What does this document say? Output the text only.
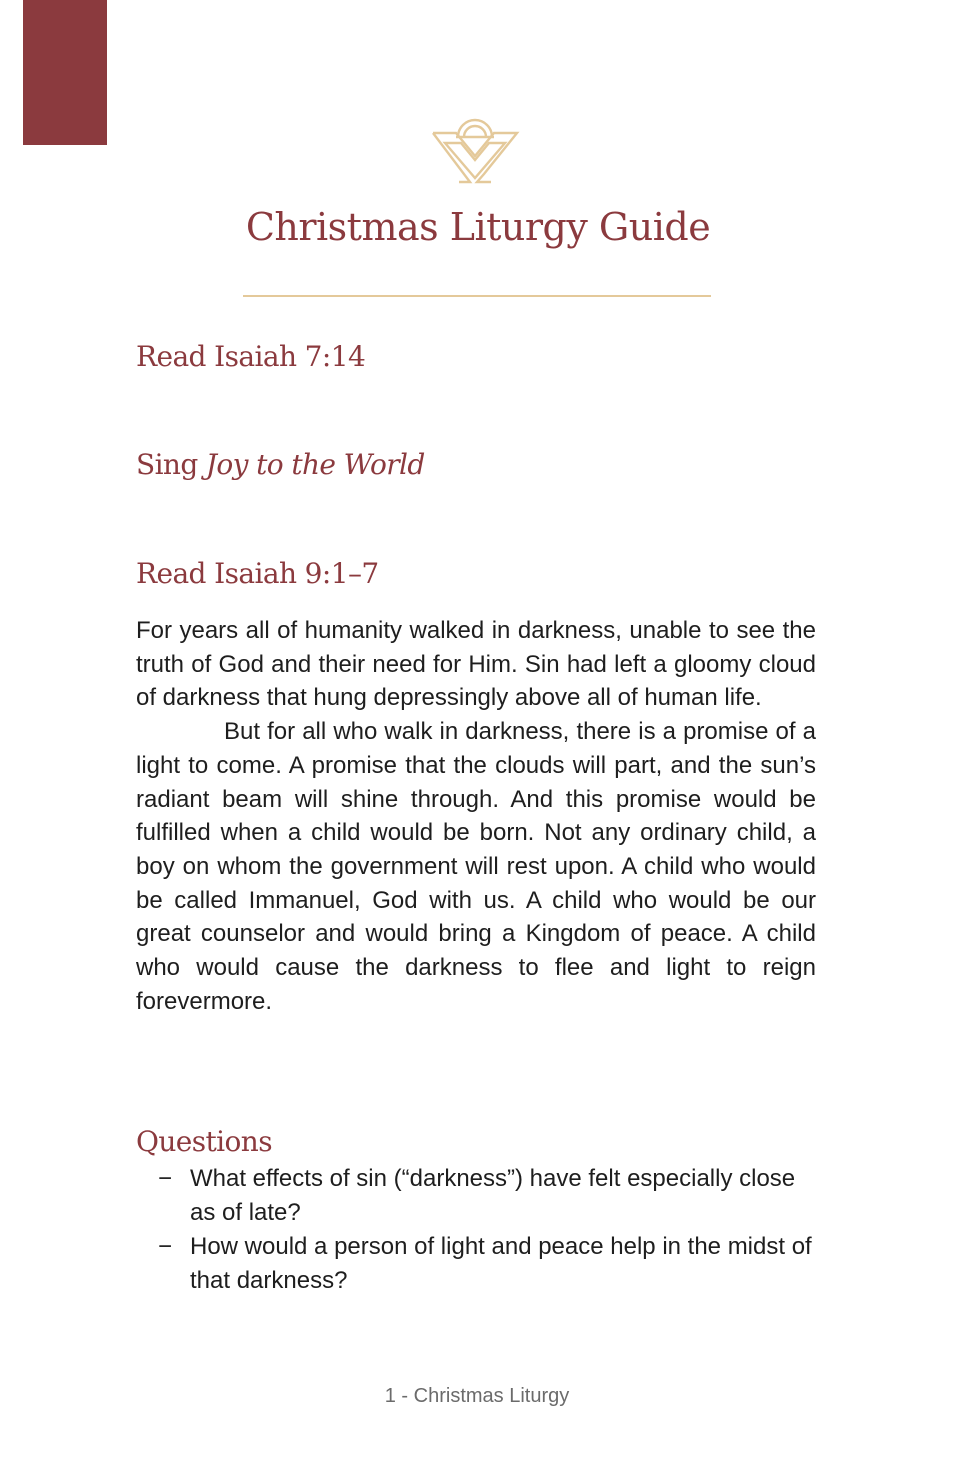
Christmas Liturgy Guide
Read Isaiah 7:14
Sing Joy to the World
Read Isaiah 9:1–7

For years all of humanity walked in darkness, unable to see the truth of God and their need for Him. Sin had left a gloomy cloud of darkness that hung depressingly above all of human life.

But for all who walk in darkness, there is a promise of a light to come. A promise that the clouds will part, and the sun’s radiant beam will shine through. And this promise would be fulfilled when a child would be born. Not any ordinary child, a boy on whom the government will rest upon. A child who would be called Immanuel, God with us. A child who would be our great counselor and would bring a Kingdom of peace. A child who would cause the darkness to flee and light to reign forevermore.

Questions
− What effects of sin (“darkness”) have felt especially close as of late?
− How would a person of light and peace help in the midst of that darkness?
1 - Christmas Liturgy
